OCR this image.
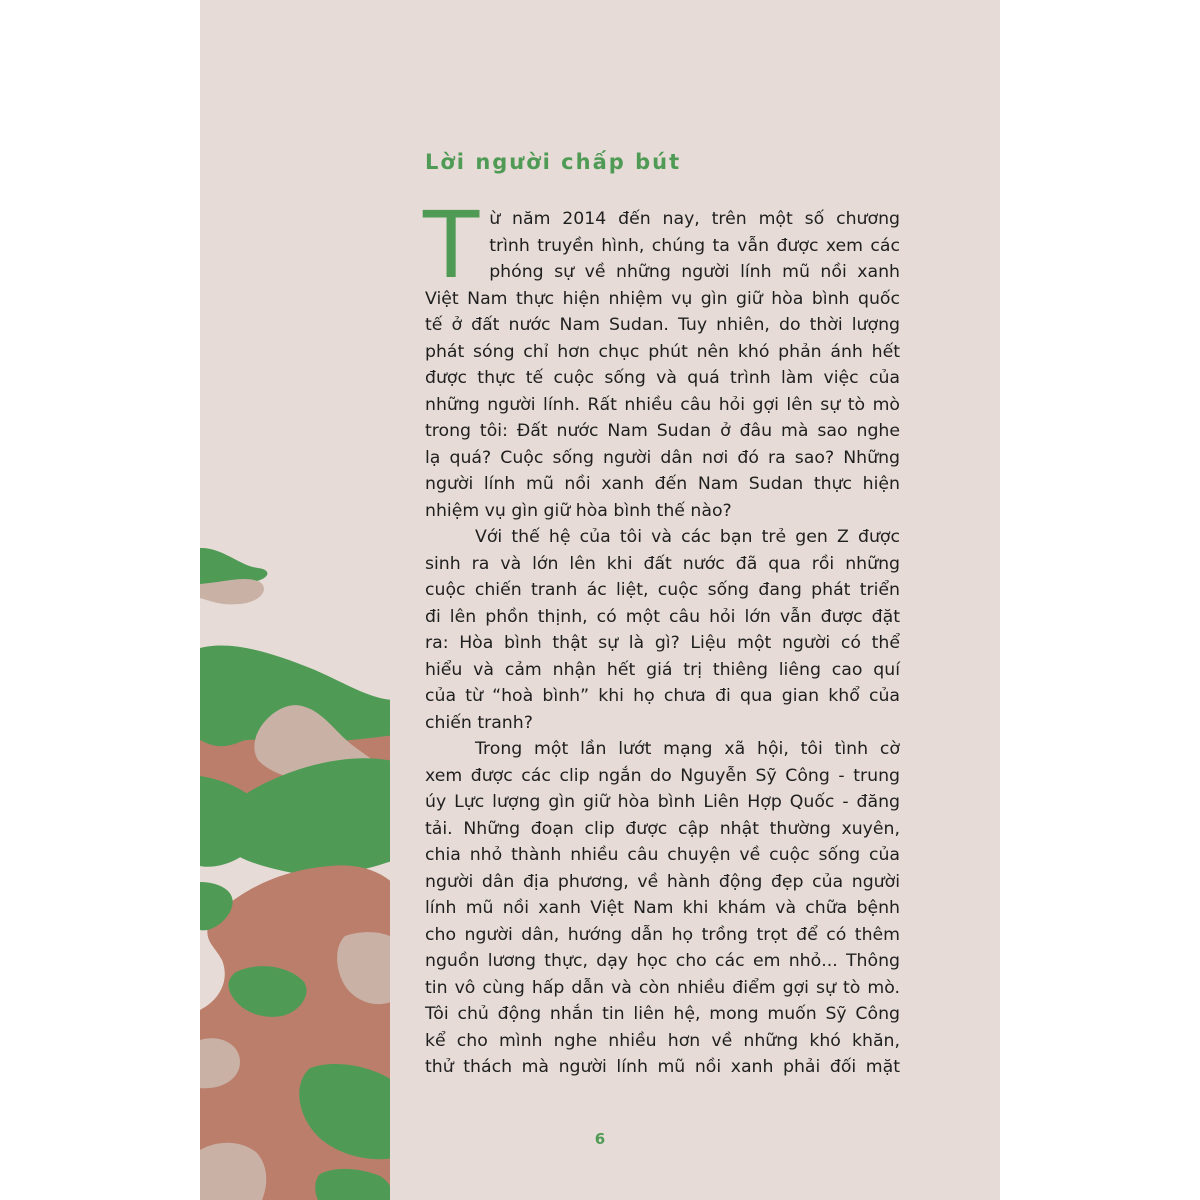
Lời người chấp bút
T ừ năm 2014 đến nay, trên một số chương
trình truyền hình, chúng ta vẫn được xem các
phóng sự về những người lính mũ nồi xanh
Việt Nam thực hiện nhiệm vụ gìn giữ hòa bình quốc
tế ở đất nước Nam Sudan. Tuy nhiên, do thời lượng
phát sóng chỉ hơn chục phút nên khó phản ánh hết
được thực tế cuộc sống và quá trình làm việc của
những người lính. Rất nhiều câu hỏi gợi lên sự tò mò
trong tôi: Đất nước Nam Sudan ở đâu mà sao nghe
lạ quá? Cuộc sống người dân nơi đó ra sao? Những
người lính mũ nồi xanh đến Nam Sudan thực hiện
nhiệm vụ gìn giữ hòa bình thế nào?
Với thế hệ của tôi và các bạn trẻ gen Z được
sinh ra và lớn lên khi đất nước đã qua rồi những
cuộc chiến tranh ác liệt, cuộc sống đang phát triển
đi lên phồn thịnh, có một câu hỏi lớn vẫn được đặt
ra: Hòa bình thật sự là gì? Liệu một người có thể
hiểu và cảm nhận hết giá trị thiêng liêng cao quí
của từ “hoà bình” khi họ chưa đi qua gian khổ của
chiến tranh?
Trong một lần lướt mạng xã hội, tôi tình cờ
xem được các clip ngắn do Nguyễn Sỹ Công - trung
úy Lực lượng gìn giữ hòa bình Liên Hợp Quốc - đăng
tải. Những đoạn clip được cập nhật thường xuyên,
chia nhỏ thành nhiều câu chuyện về cuộc sống của
người dân địa phương, về hành động đẹp của người
lính mũ nồi xanh Việt Nam khi khám và chữa bệnh
cho người dân, hướng dẫn họ trồng trọt để có thêm
nguồn lương thực, dạy học cho các em nhỏ... Thông
tin vô cùng hấp dẫn và còn nhiều điểm gợi sự tò mò.
Tôi chủ động nhắn tin liên hệ, mong muốn Sỹ Công
kể cho mình nghe nhiều hơn về những khó khăn,
thử thách mà người lính mũ nồi xanh phải đối mặt
6
